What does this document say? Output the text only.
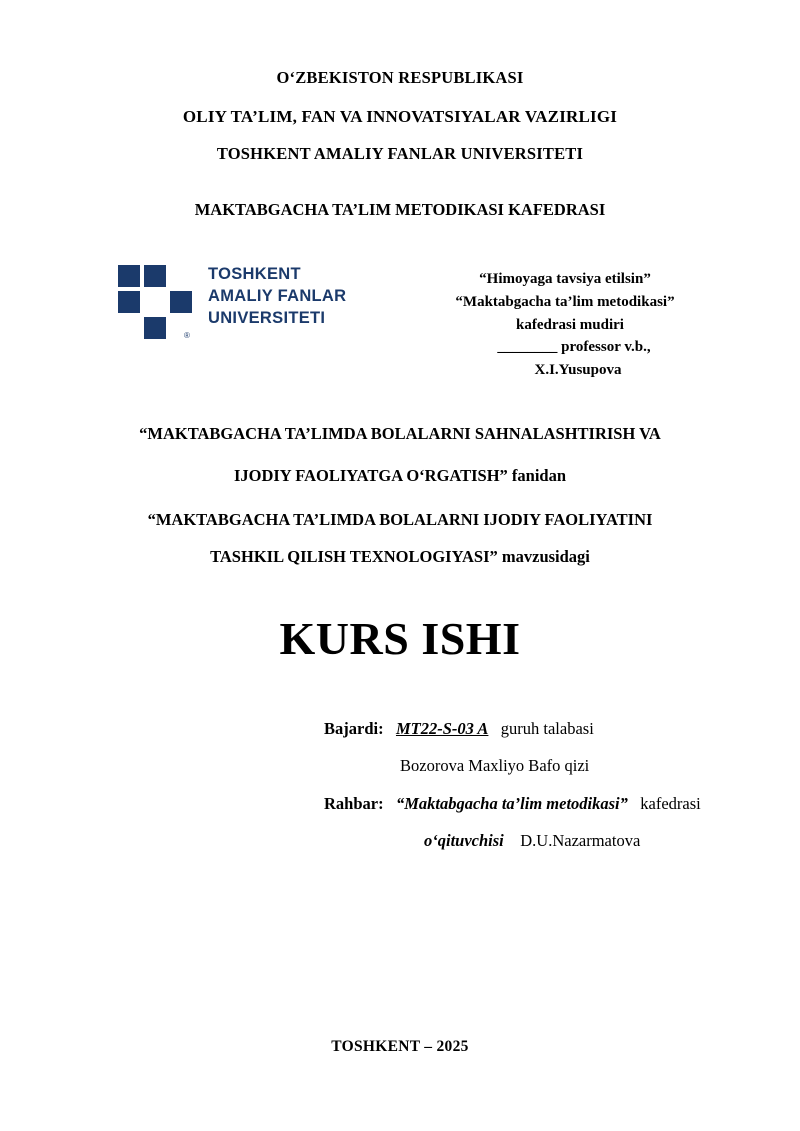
O‘ZBEKISTON RESPUBLIKASI
OLIY TA’LIM, FAN VA INNOVATSIYALAR VAZIRLIGI
TOSHKENT AMALIY FANLAR UNIVERSITETI
MAKTABGACHA TA’LIM METODIKASI KAFEDRASI
®
TOSHKENT
AMALIY FANLAR
UNIVERSITETI
“Himoyaga tavsiya etilsin”
“Maktabgacha ta’lim metodikasi”
kafedrasi mudiri
________ professor v.b.,
X.I.Yusupova
“MAKTABGACHA TA’LIMDA BOLALARNI SAHNALASHTIRISH VA
IJODIY FAOLIYATGA O‘RGATISH” fanidan
“MAKTABGACHA TA’LIMDA BOLALARNI IJODIY FAOLIYATINI
TASHKIL QILISH TEXNOLOGIYASI” mavzusidagi
KURS ISHI
Bajardi: MT22-S-03 A guruh talabasi
Bozorova Maxliyo Bafo qizi
Rahbar: “Maktabgacha ta’lim metodikasi” kafedrasi
o‘qituvchisi D.U.Nazarmatova
TOSHKENT – 2025
